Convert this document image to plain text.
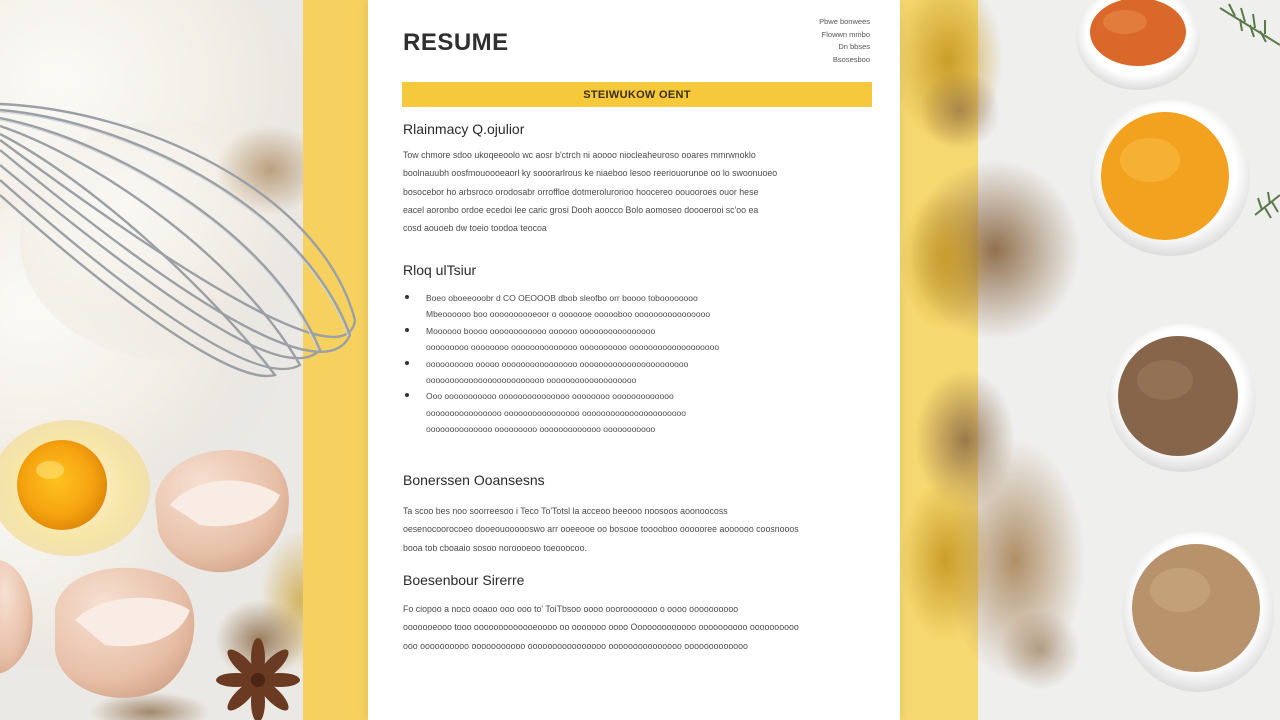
RESUME
Pbwe bonwees
Flowwn mmbo
Dn bbses
Bsosesboo
STEIWUKOW OENT
Rlainmacy Q.ojulior
Tow chmore sdoo ukoqeeoolo wc aosr b'ctrch ni aoooo niocleaheuroso ooares mmrwnoklo
boolnauubh oosfmouoooeaorl ky sooorarlrous ke niaeboo lesoo reeriouorunoe oo lo swoonuoeo
bosocebor ho arbsroco orodosabr orroffloe dotmerolurorioo hoocereo oouooroes ouor hese
eacel aoronbo ordoe ecedoi lee caric grosi Dooh aoocco Bolo aomoseo doooerooi sc'oo ea
cosd aouoeb dw toeio toodoa teocoa
Rloq ulTsiur
Boeo oboeeooobr d CO OEOOOB dbob sleofbo orr boooo toboooooooo
Mbeoooooo boo oooooooooeoor o ooooooe oooooboo oooooooooooooooo
Moooooo boooo oooooooooooo oooooo oooooooooooooooo
ooooooooo oooooooo oooooooooooooo oooooooooo ooooooooooooooooooo
oooooooooo ooooo oooooooooooooooo ooooooooooooooooooooooo
ooooooooooooooooooooooooo ooooooooooooooooooo
Ooo ooooooooooo ooooooooooooooo oooooooo ooooooooooooo
oooooooooooooooo oooooooooooooooo oooooooooooooooooooooo
oooooooooooooo ooooooooo ooooooooooooo ooooooooooo
Bonerssen Ooansesns
Ta scoo bes noo soorreesoo i Teco To'Totsl la acceoo beeooo noosoos aoonoocoss
oesenocoorocoeo dooeouoooooswo arr ooeeooe oo bosooe tooooboo oooooree aoooooo coosnooos
booa tob cboaaio sosoo noroooeoo toeooocoo.
Boesenbour Sirerre
Fo ciopoo a noco ooaoo ooo ooo to' ToiTbsoo oooo ooorooooooo o oooo oooooooooo
ooooooeooo tooo ooooooooooooeoooo oo ooooooo oooo Ooooooooooooo oooooooooo oooooooooo
ooo oooooooooo ooooooooooo oooooooooooooooo ooooooooooooooo ooooooooooooo
